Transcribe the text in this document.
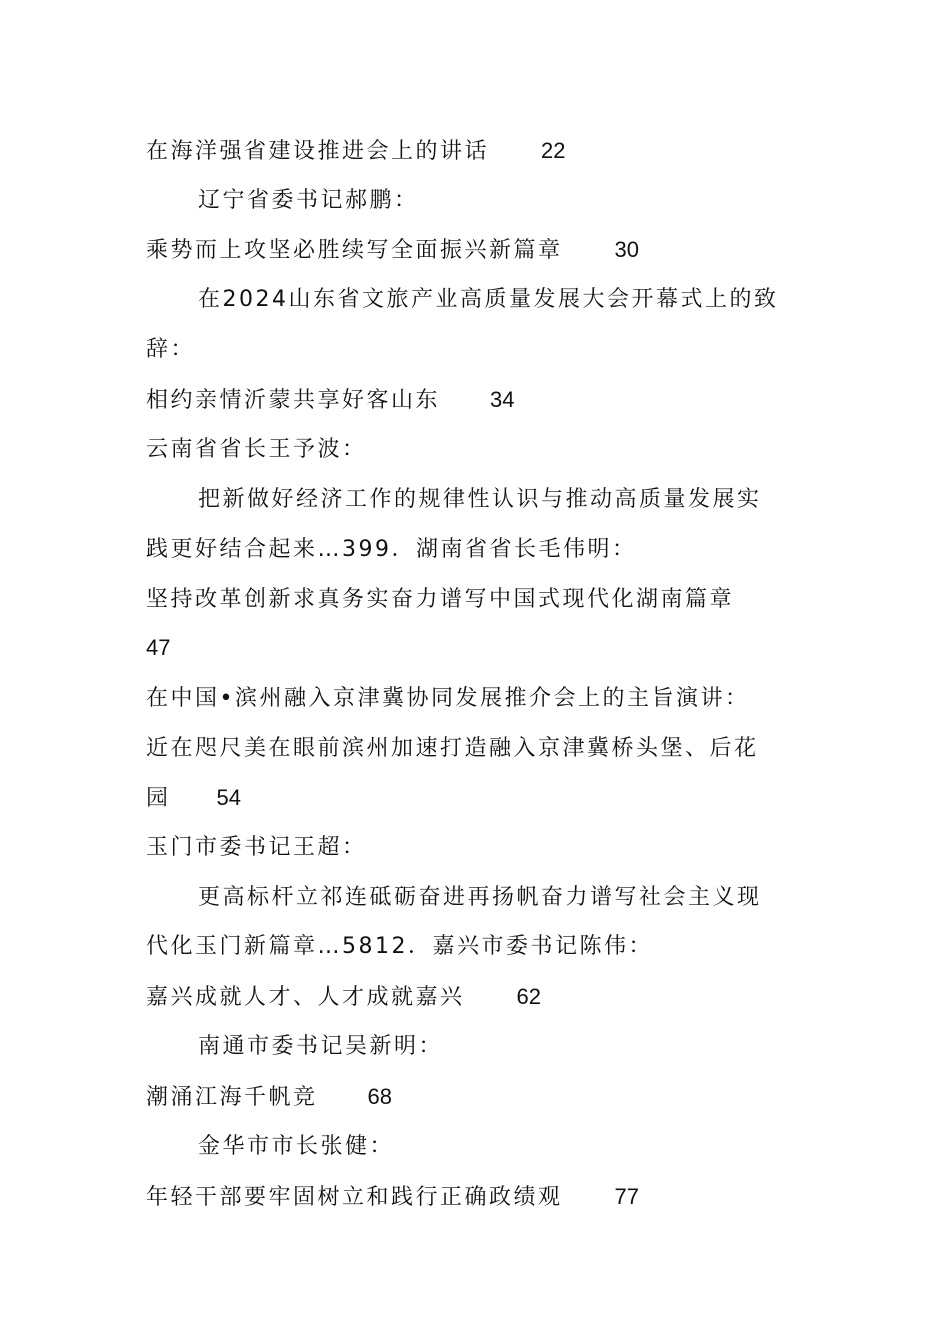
在海洋强省建设推进会上的讲话 22
辽宁省委书记郝鹏：
乘势而上攻坚必胜续写全面振兴新篇章 30
在2024山东省文旅产业高质量发展大会开幕式上的致
辞：
相约亲情沂蒙共享好客山东 34
云南省省长王予波：
把新做好经济工作的规律性认识与推动高质量发展实
践更好结合起来…399．湖南省省长毛伟明：
坚持改革创新求真务实奋力谱写中国式现代化湖南篇章
47
在中国•滨州融入京津冀协同发展推介会上的主旨演讲：
近在咫尺美在眼前滨州加速打造融入京津冀桥头堡、后花
园 54
玉门市委书记王超：
更高标杆立祁连砥砺奋进再扬帆奋力谱写社会主义现
代化玉门新篇章…5812．嘉兴市委书记陈伟：
嘉兴成就人才、人才成就嘉兴 62
南通市委书记吴新明：
潮涌江海千帆竞 68
金华市市长张健：
年轻干部要牢固树立和践行正确政绩观 77
